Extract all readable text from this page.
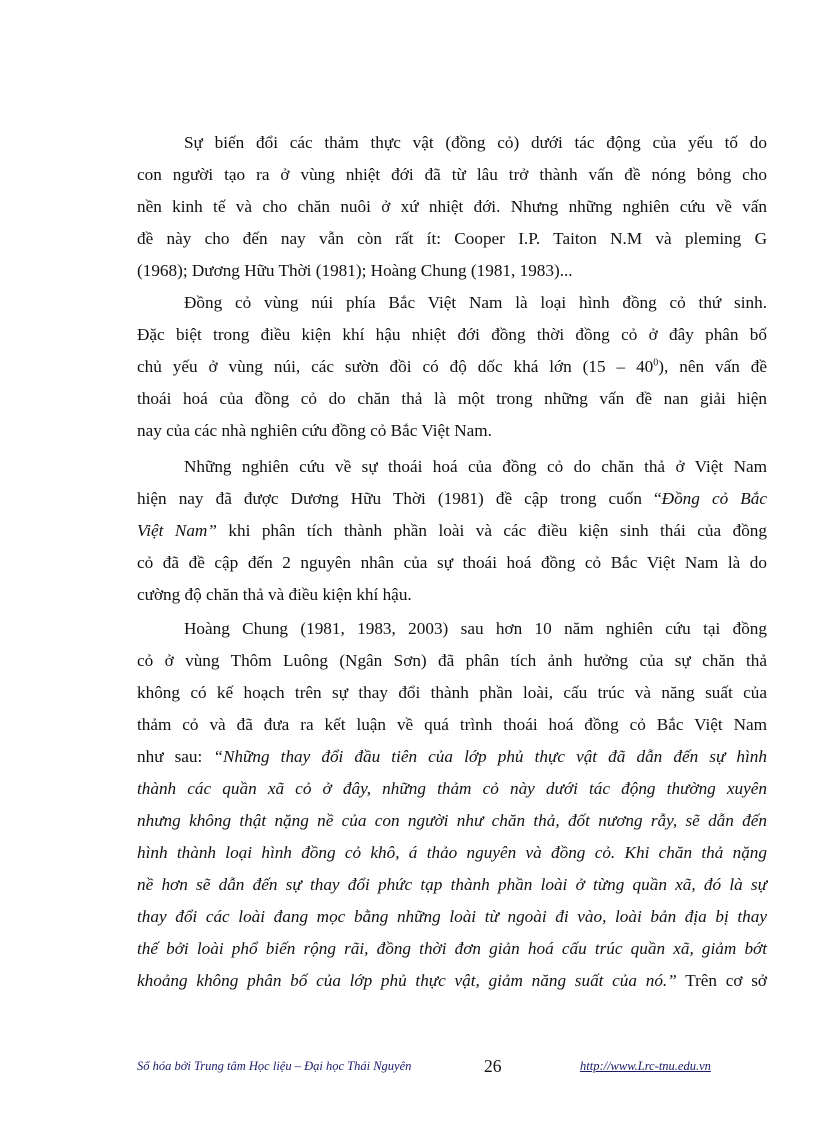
Sự biến đổi các thảm thực vật (đồng cỏ) dưới tác động của yếu tố do
con người tạo ra ở vùng nhiệt đới đã từ lâu trở thành vấn đề nóng bỏng cho
nền kinh tế và cho chăn nuôi ở xứ nhiệt đới. Nhưng những nghiên cứu về vấn
đề này cho đến nay vẫn còn rất ít: Cooper I.P. Taiton N.M và pleming G
(1968); Dương Hữu Thời (1981); Hoàng Chung (1981, 1983)...
Đồng cỏ vùng núi phía Bắc Việt Nam là loại hình đồng cỏ thứ sinh.
Đặc biệt trong điều kiện khí hậu nhiệt đới đồng thời đồng cỏ ở đây phân bố
chủ yếu ở vùng núi, các sườn đồi có độ dốc khá lớn $(15 - 40^0)$, nên vấn đề
thoái hoá của đồng cỏ do chăn thả là một trong những vấn đề nan giải hiện
nay của các nhà nghiên cứu đồng cỏ Bắc Việt Nam.
Những nghiên cứu về sự thoái hoá của đồng cỏ do chăn thả ở Việt Nam
hiện nay đã được Dương Hữu Thời (1981) đề cập trong cuốn “Đồng cỏ Bắc
Việt Nam” khi phân tích thành phần loài và các điều kiện sinh thái của đồng
cỏ đã đề cập đến 2 nguyên nhân của sự thoái hoá đồng cỏ Bắc Việt Nam là do
cường độ chăn thả và điều kiện khí hậu.
Hoàng Chung (1981, 1983, 2003) sau hơn 10 năm nghiên cứu tại đồng
cỏ ở vùng Thôm Luông (Ngân Sơn) đã phân tích ảnh hưởng của sự chăn thả
không có kế hoạch trên sự thay đổi thành phần loài, cấu trúc và năng suất của
thảm cỏ và đã đưa ra kết luận về quá trình thoái hoá đồng cỏ Bắc Việt Nam
như sau: “Những thay đổi đầu tiên của lớp phủ thực vật đã dẫn đến sự hình
thành các quần xã cỏ ở đây, những thảm cỏ này dưới tác động thường xuyên
nhưng không thật nặng nề của con người như chăn thả, đốt nương rẫy, sẽ dẫn đến
hình thành loại hình đồng cỏ khô, á thảo nguyên và đồng cỏ. Khi chăn thả nặng
nề hơn sẽ dẫn đến sự thay đổi phức tạp thành phần loài ở từng quần xã, đó là sự
thay đổi các loài đang mọc bằng những loài từ ngoài đi vào, loài bản địa bị thay
thế bởi loài phổ biến rộng rãi, đồng thời đơn giản hoá cấu trúc quần xã, giảm bớt
khoảng không phân bố của lớp phủ thực vật, giảm năng suất của nó.” Trên cơ sở
Số hóa bởi Trung tâm Học liệu – Đại học Thái Nguyên	26	http://www.Lrc-tnu.edu.vn
